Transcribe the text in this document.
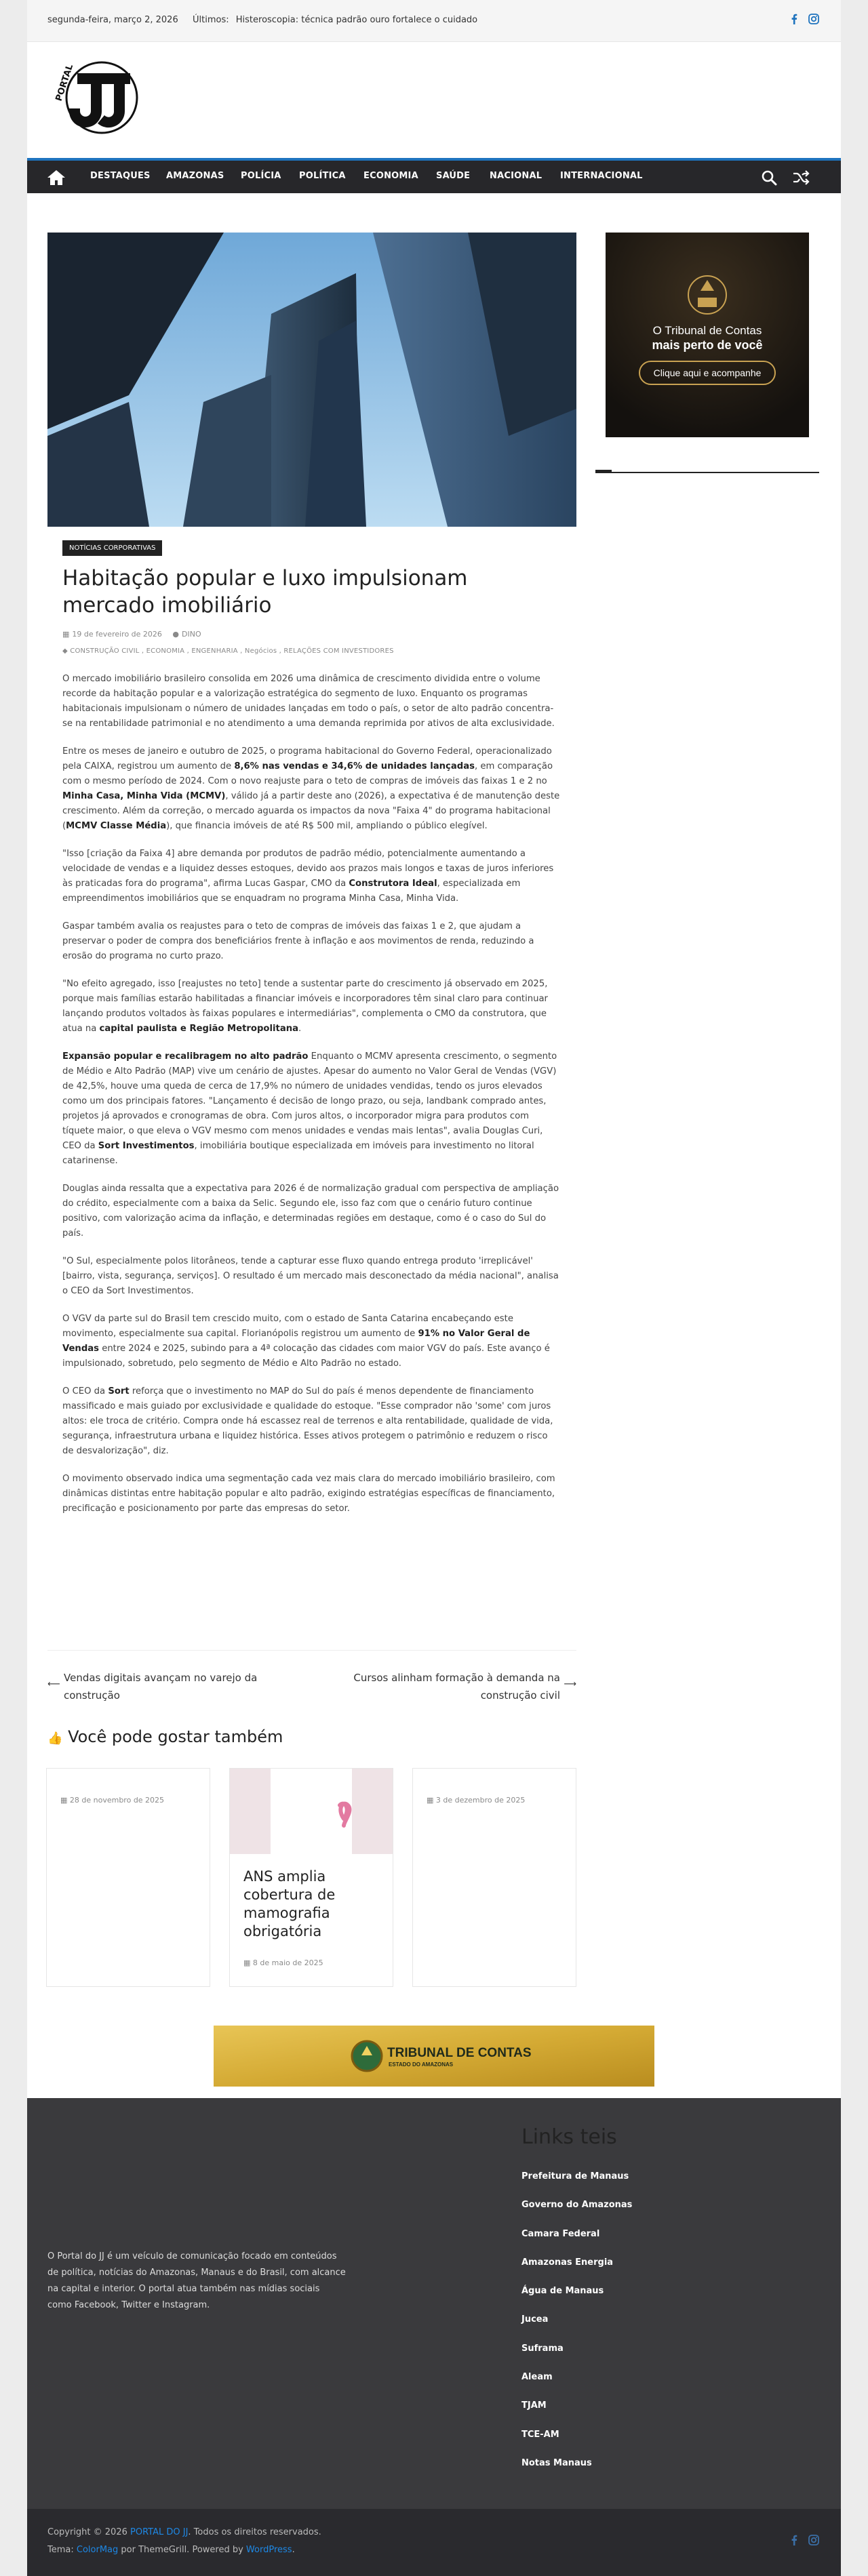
segunda-feira, março 2, 2026 Últimos: Histeroscopia: técnica padrão ouro fortalece o cuidado
PORTAL
DESTAQUES AMAZONAS POLÍCIA POLÍTICA ECONOMIA SAÚDE NACIONAL INTERNACIONAL
NOTÍCIAS CORPORATIVAS
Habitação popular e luxo impulsionam mercado imobiliário
▦ 19 de fevereiro de 2026 ● DINO
◆ CONSTRUÇÃO CIVIL , ECONOMIA , ENGENHARIA , Negócios , RELAÇÕES COM INVESTIDORES

O mercado imobiliário brasileiro consolida em 2026 uma dinâmica de crescimento dividida entre o volume recorde da habitação popular e a valorização estratégica do segmento de luxo. Enquanto os programas habitacionais impulsionam o número de unidades lançadas em todo o país, o setor de alto padrão concentra-se na rentabilidade patrimonial e no atendimento a uma demanda reprimida por ativos de alta exclusividade.

Entre os meses de janeiro e outubro de 2025, o programa habitacional do Governo Federal, operacionalizado pela CAIXA, registrou um aumento de 8,6% nas vendas e 34,6% de unidades lançadas, em comparação com o mesmo período de 2024. Com o novo reajuste para o teto de compras de imóveis das faixas 1 e 2 no Minha Casa, Minha Vida (MCMV), válido já a partir deste ano (2026), a expectativa é de manutenção deste crescimento. Além da correção, o mercado aguarda os impactos da nova "Faixa 4" do programa habitacional (MCMV Classe Média), que financia imóveis de até R$ 500 mil, ampliando o público elegível.

"Isso [criação da Faixa 4] abre demanda por produtos de padrão médio, potencialmente aumentando a velocidade de vendas e a liquidez desses estoques, devido aos prazos mais longos e taxas de juros inferiores às praticadas fora do programa", afirma Lucas Gaspar, CMO da Construtora Ideal, especializada em empreendimentos imobiliários que se enquadram no programa Minha Casa, Minha Vida.

Gaspar também avalia os reajustes para o teto de compras de imóveis das faixas 1 e 2, que ajudam a preservar o poder de compra dos beneficiários frente à inflação e aos movimentos de renda, reduzindo a erosão do programa no curto prazo.

"No efeito agregado, isso [reajustes no teto] tende a sustentar parte do crescimento já observado em 2025, porque mais famílias estarão habilitadas a financiar imóveis e incorporadores têm sinal claro para continuar lançando produtos voltados às faixas populares e intermediárias", complementa o CMO da construtora, que atua na capital paulista e Região Metropolitana.

Expansão popular e recalibragem no alto padrão Enquanto o MCMV apresenta crescimento, o segmento de Médio e Alto Padrão (MAP) vive um cenário de ajustes. Apesar do aumento no Valor Geral de Vendas (VGV) de 42,5%, houve uma queda de cerca de 17,9% no número de unidades vendidas, tendo os juros elevados como um dos principais fatores. "Lançamento é decisão de longo prazo, ou seja, landbank comprado antes, projetos já aprovados e cronogramas de obra. Com juros altos, o incorporador migra para produtos com tíquete maior, o que eleva o VGV mesmo com menos unidades e vendas mais lentas", avalia Douglas Curi, CEO da Sort Investimentos, imobiliária boutique especializada em imóveis para investimento no litoral catarinense.

Douglas ainda ressalta que a expectativa para 2026 é de normalização gradual com perspectiva de ampliação do crédito, especialmente com a baixa da Selic. Segundo ele, isso faz com que o cenário futuro continue positivo, com valorização acima da inflação, e determinadas regiões em destaque, como é o caso do Sul do país.

"O Sul, especialmente polos litorâneos, tende a capturar esse fluxo quando entrega produto 'irreplicável' [bairro, vista, segurança, serviços]. O resultado é um mercado mais desconectado da média nacional", analisa o CEO da Sort Investimentos.

O VGV da parte sul do Brasil tem crescido muito, com o estado de Santa Catarina encabeçando este movimento, especialmente sua capital. Florianópolis registrou um aumento de 91% no Valor Geral de Vendas entre 2024 e 2025, subindo para a 4ª colocação das cidades com maior VGV do país. Este avanço é impulsionado, sobretudo, pelo segmento de Médio e Alto Padrão no estado.

O CEO da Sort reforça que o investimento no MAP do Sul do país é menos dependente de financiamento massificado e mais guiado por exclusividade e qualidade do estoque. "Esse comprador não 'some' com juros altos: ele troca de critério. Compra onde há escassez real de terrenos e alta rentabilidade, qualidade de vida, segurança, infraestrutura urbana e liquidez histórica. Esses ativos protegem o patrimônio e reduzem o risco de desvalorização", diz.

O movimento observado indica uma segmentação cada vez mais clara do mercado imobiliário brasileiro, com dinâmicas distintas entre habitação popular e alto padrão, exigindo estratégias específicas de financiamento, precificação e posicionamento por parte das empresas do setor.

O Tribunal de Contas
mais perto de você
Clique aqui e acompanhe
⟵
Vendas digitais avançam no varejo da construção
Cursos alinham formação à demanda na construção civil
⟶
👍 Você pode gostar também
▦ 28 de novembro de 2025
ANS amplia cobertura de mamografia obrigatória
▦ 8 de maio de 2025
▦ 3 de dezembro de 2025
TRIBUNAL DE CONTAS
ESTADO DO AMAZONAS

O Portal do JJ é um veículo de comunicação focado em conteúdos de política, notícias do Amazonas, Manaus e do Brasil, com alcance na capital e interior. O portal atua também nas mídias sociais como Facebook, Twitter e Instagram.

Links teis
Prefeitura de Manaus
Governo do Amazonas
Camara Federal
Amazonas Energia
Água de Manaus
Jucea
Suframa
Aleam
TJAM
TCE-AM
Notas Manaus
Copyright © 2026 PORTAL DO JJ. Todos os direitos reservados.
Tema: ColorMag por ThemeGrill. Powered by WordPress.
